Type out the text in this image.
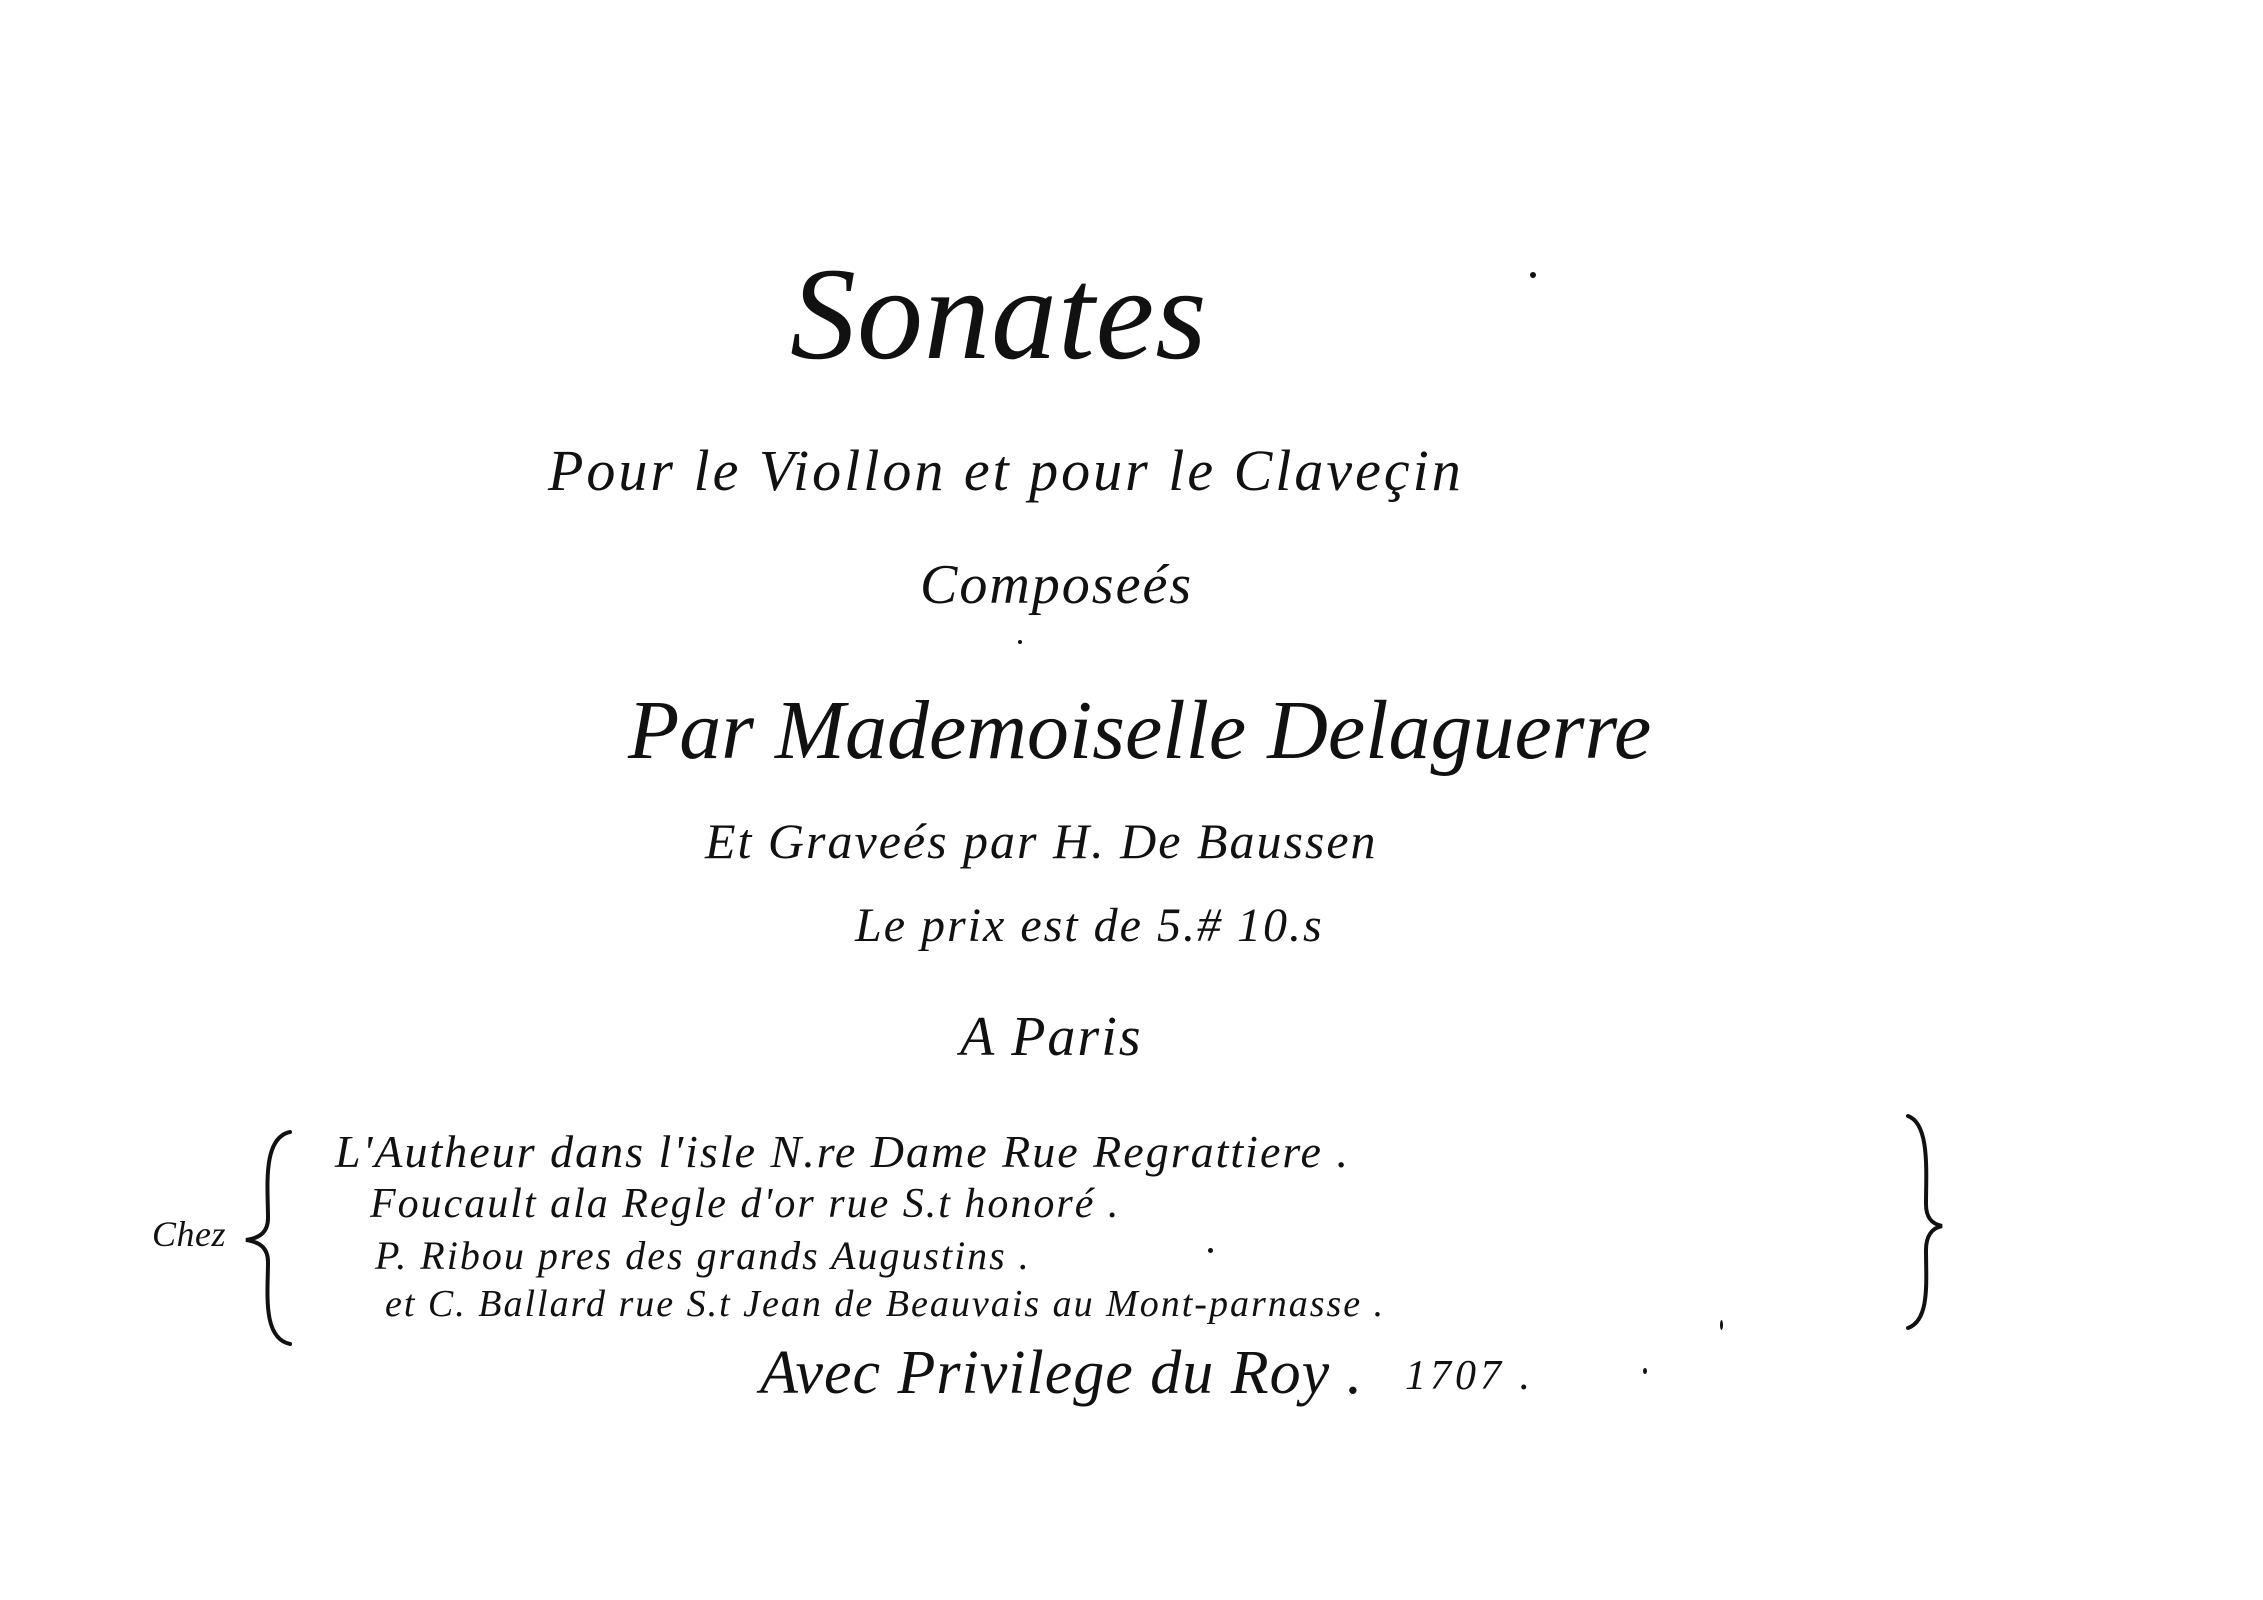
Sonates
Pour le Viollon et pour le Claveçin
Composeés
Par Mademoiselle Delaguerre
Et Graveés par H. De Baussen
Le prix est de 5.# 10.s
A Paris
Chez
L'Autheur dans l'isle N.re Dame Rue Regrattiere .
Foucault ala Regle d'or rue S.t honoré .
P. Ribou pres des grands Augustins .
et C. Ballard rue S.t Jean de Beauvais au Mont-parnasse .
Avec Privilege du Roy . 1707 .
